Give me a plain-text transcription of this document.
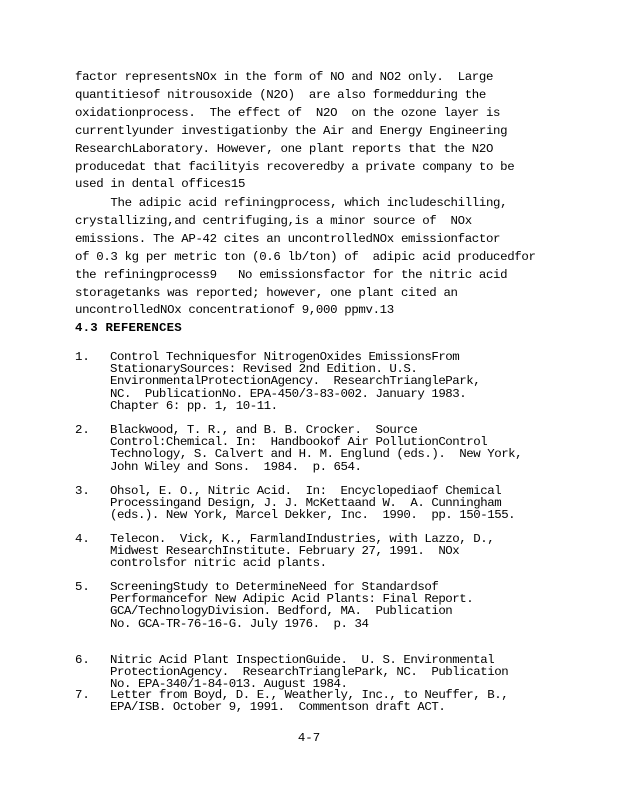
factor representsNOx in the form of NO and NO2 only.  Large
quantitiesof nitrousoxide (N2O)  are also formedduring the
oxidationprocess.  The effect of  N2O  on the ozone layer is
currentlyunder investigationby the Air and Energy Engineering
ResearchLaboratory. However, one plant reports that the N2O
producedat that facilityis recoveredby a private company to be
used in dental offices15

The adipic acid refiningprocess, which includeschilling,
crystallizing,and centrifuging,is a minor source of  NOx
emissions. The AP-42 cites an uncontrolledNOx emissionfactor
of 0.3 kg per metric ton (0.6 lb/ton) of  adipic acid producedfor
the refiningprocess9   No emissionsfactor for the nitric acid
storagetanks was reported; however, one plant cited an
uncontrolledNOx concentrationof 9,000 ppmv.13

4.3 REFERENCES
1. Control Techniquesfor NitrogenOxides EmissionsFrom
StationarySources: Revised 2nd Edition. U.S.
EnvironmentalProtectionAgency.  ResearchTrianglePark,
NC.  PublicationNo. EPA-450/3-83-002. January 1983.
Chapter 6: pp. 1, 10-11.
2. Blackwood, T. R., and B. B. Crocker.  Source
Control:Chemical. In:  Handbookof Air PollutionControl
Technology, S. Calvert and H. M. Englund (eds.).  New York,
John Wiley and Sons.  1984.  p. 654.
3. Ohsol, E. O., Nitric Acid.  In:  Encyclopediaof Chemical
Processingand Design, J. J. McKettaand W.  A. Cunningham
(eds.). New York, Marcel Dekker, Inc.  1990.  pp. 150-155.
4. Telecon.  Vick, K., FarmlandIndustries, with Lazzo, D.,
Midwest ResearchInstitute. February 27, 1991.  NOx
controlsfor nitric acid plants.
5. ScreeningStudy to DetermineNeed for Standardsof
Performancefor New Adipic Acid Plants: Final Report.
GCA/TechnologyDivision. Bedford, MA.  Publication
No. GCA-TR-76-16-G. July 1976.  p. 34
6. Nitric Acid Plant InspectionGuide.  U. S. Environmental
ProtectionAgency.  ResearchTrianglePark, NC.  Publication
No. EPA-340/1-84-013. August 1984.
7. Letter from Boyd, D. E., Weatherly, Inc., to Neuffer, B.,
EPA/ISB. October 9, 1991.  Commentson draft ACT.
4-7
